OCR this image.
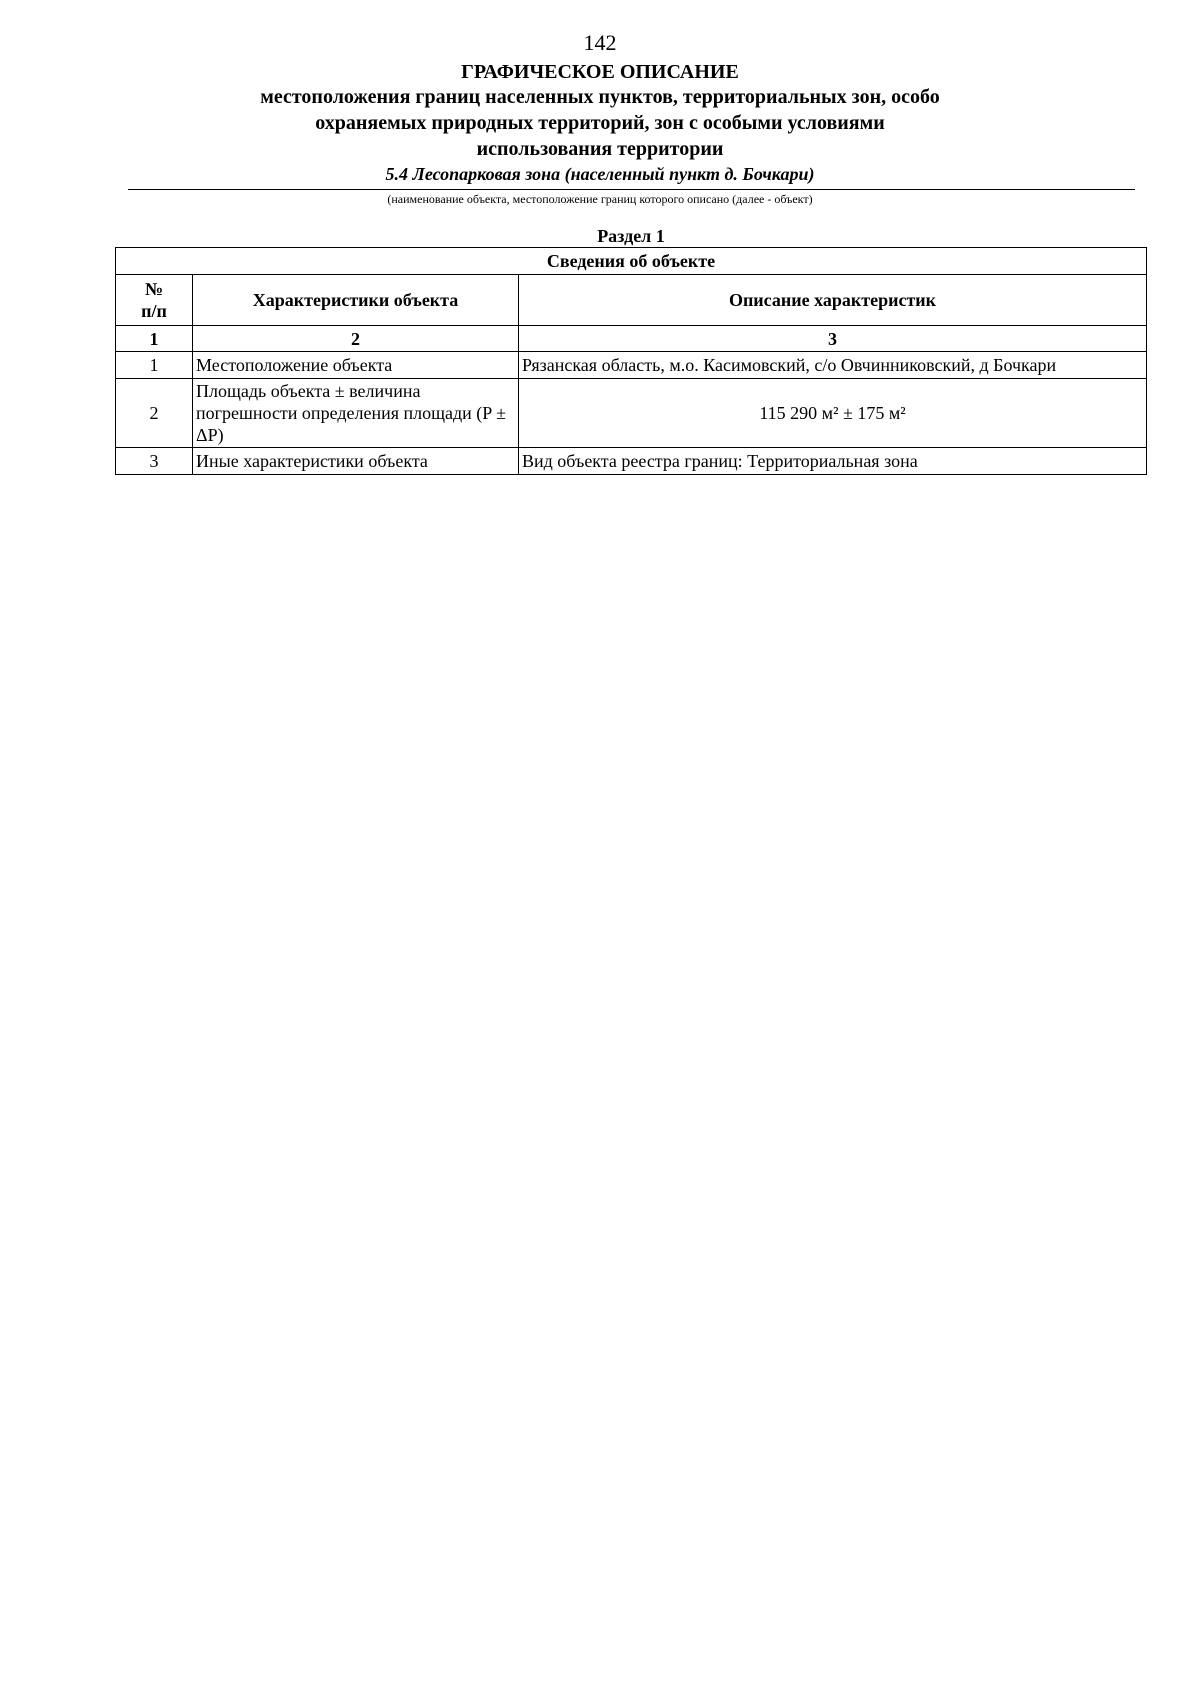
142
ГРАФИЧЕСКОЕ ОПИСАНИЕ
местоположения границ населенных пунктов, территориальных зон, особо охраняемых природных территорий, зон с особыми условиями использования территории
5.4 Лесопарковая зона (населенный пункт д. Бочкари)
(наименование объекта, местоположение границ которого описано (далее - объект)
Раздел 1
Сведения об объекте		

№
п/п	Характеристики объекта	Описание характеристик
1	2	3
1	Местоположение объекта	Рязанская область, м.о. Касимовский, с/о Овчинниковский, д Бочкари
2	Площадь объекта ± величина погрешности определения площади (P ± ΔP)	115 290 м² ± 175 м²
3	Иные характеристики объекта	Вид объекта реестра границ: Территориальная зона
